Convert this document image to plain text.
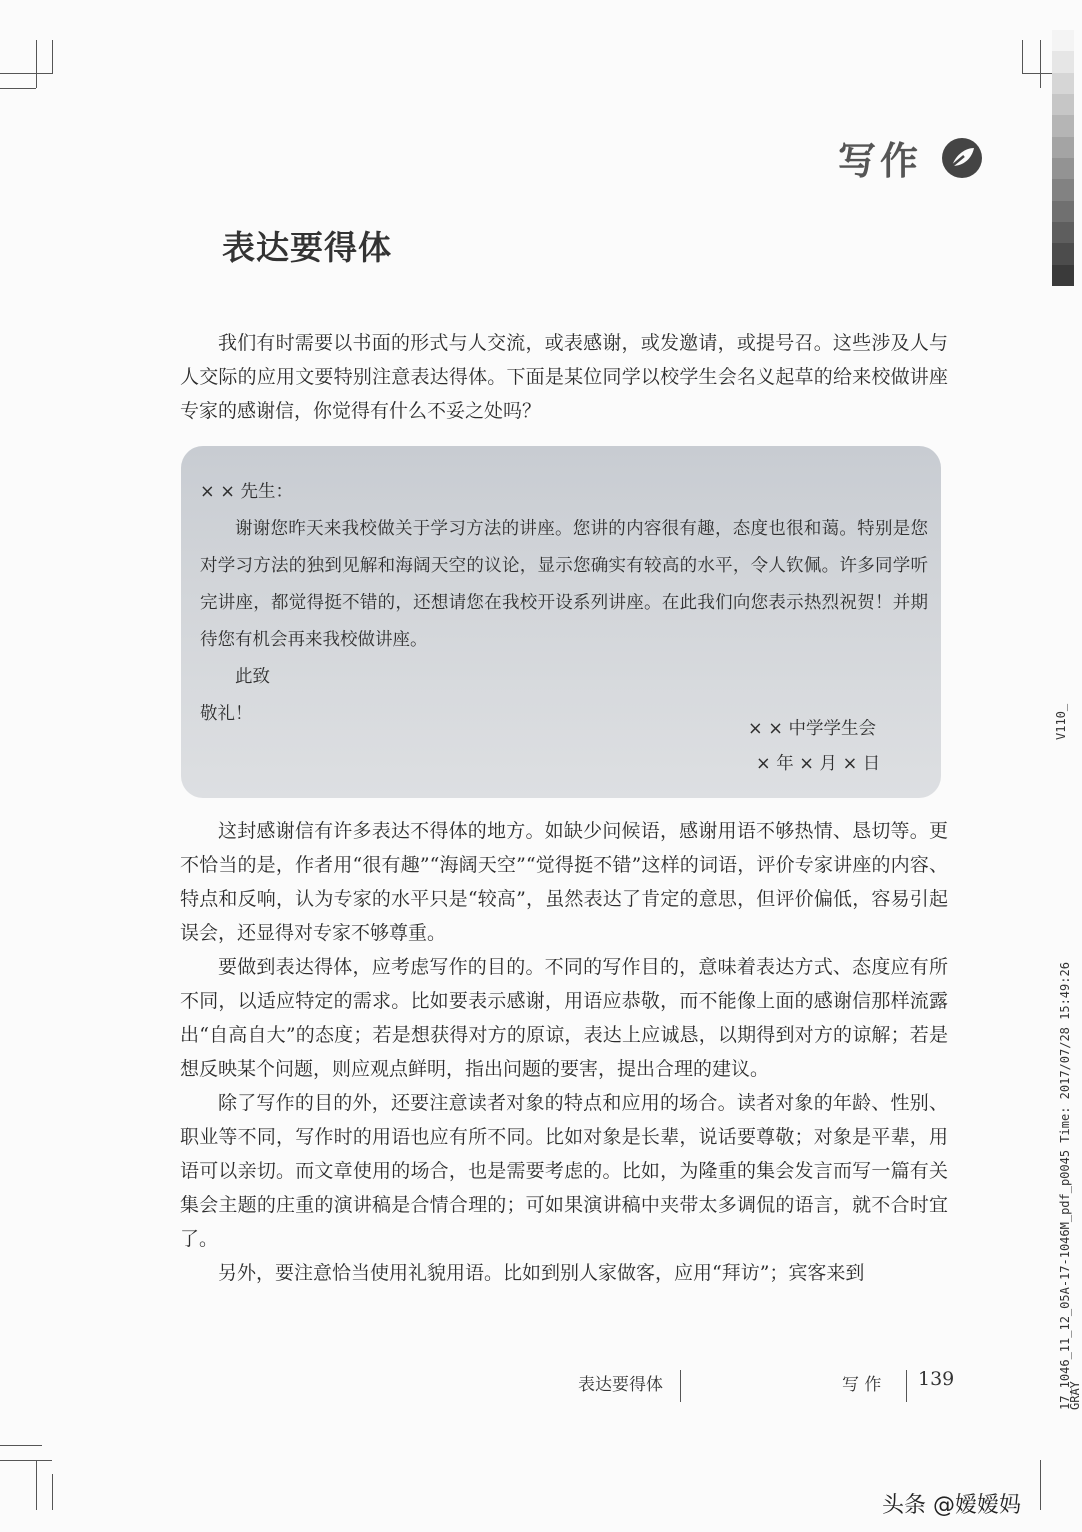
写作
表达要得体

我们有时需要以书面的形式与人交流，或表感谢，或发邀请，或提号召。这些涉及人与人交际的应用文要特别注意表达得体。下面是某位同学以校学生会名义起草的给来校做讲座专家的感谢信，你觉得有什么不妥之处吗？

× × 先生：

谢谢您昨天来我校做关于学习方法的讲座。您讲的内容很有趣，态度也很和蔼。特别是您对学习方法的独到见解和海阔天空的议论，显示您确实有较高的水平，令人钦佩。许多同学听完讲座，都觉得挺不错的，还想请您在我校开设系列讲座。在此我们向您表示热烈祝贺！并期待您有机会再来我校做讲座。

此致

敬礼！

× × 中学学生会

× 年 × 月 × 日

这封感谢信有许多表达不得体的地方。如缺少问候语，感谢用语不够热情、恳切等。更不恰当的是，作者用“很有趣”“海阔天空”“觉得挺不错”这样的词语，评价专家讲座的内容、特点和反响，认为专家的水平只是“较高”，虽然表达了肯定的意思，但评价偏低，容易引起误会，还显得对专家不够尊重。

要做到表达得体，应考虑写作的目的。不同的写作目的，意味着表达方式、态度应有所不同，以适应特定的需求。比如要表示感谢，用语应恭敬，而不能像上面的感谢信那样流露出“自高自大”的态度；若是想获得对方的原谅，表达上应诚恳，以期得到对方的谅解；若是想反映某个问题，则应观点鲜明，指出问题的要害，提出合理的建议。

除了写作的目的外，还要注意读者对象的特点和应用的场合。读者对象的年龄、性别、职业等不同，写作时的用语也应有所不同。比如对象是长辈，说话要尊敬；对象是平辈，用语可以亲切。而文章使用的场合，也是需要考虑的。比如，为隆重的集会发言而写一篇有关集会主题的庄重的演讲稿是合情合理的；可如果演讲稿中夹带太多调侃的语言，就不合时宜了。

另外，要注意恰当使用礼貌用语。比如到别人家做客，应用“拜访”；宾客来到

表达要得体	写 作 139
V110_
17_1046_11_12_05A-17-1046M_pdf_p0045 Time: 2017/07/28 15:49:26
GRAY
头条 @嫒嫒妈
